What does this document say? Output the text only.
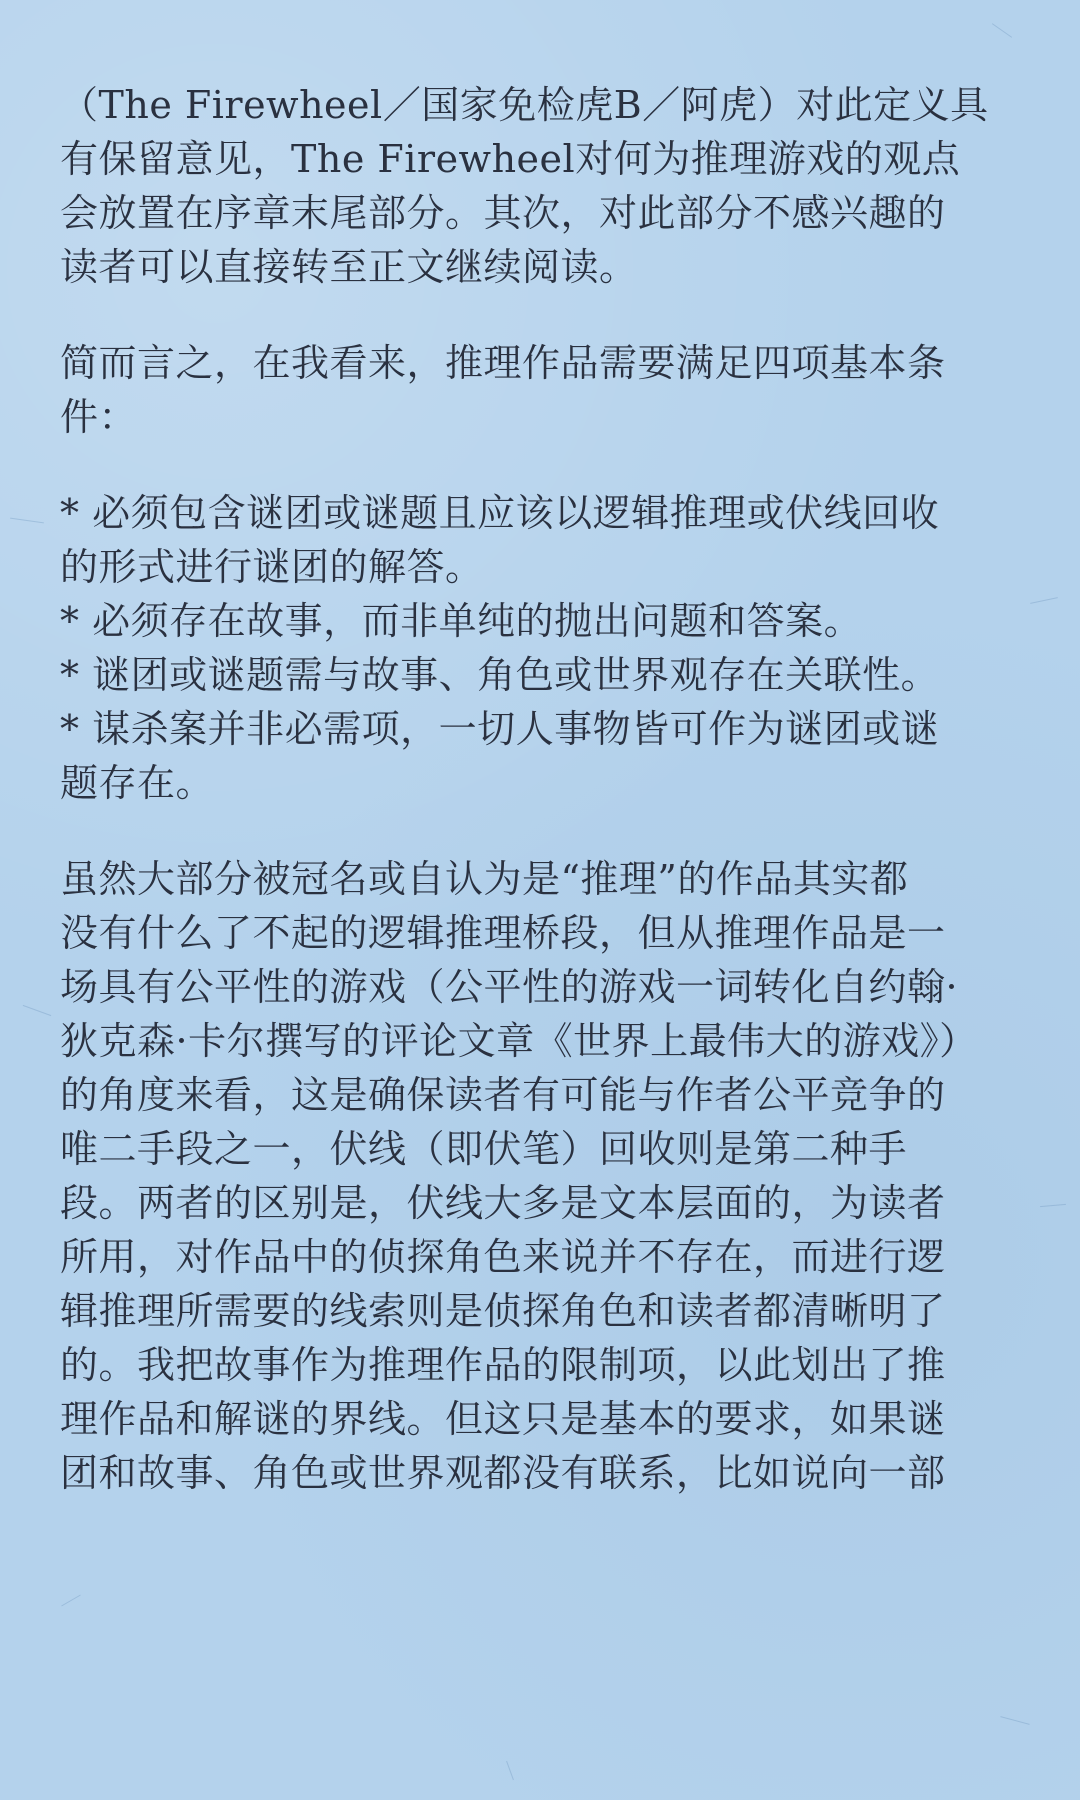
（The Firewheel／国家免检虎B／阿虎）对此定义具
有保留意见，The Firewheel对何为推理游戏的观点
会放置在序章末尾部分。其次，对此部分不感兴趣的
读者可以直接转至正文继续阅读。

简而言之，在我看来，推理作品需要满足四项基本条
件：

* 必须包含谜团或谜题且应该以逻辑推理或伏线回收
的形式进行谜团的解答。
* 必须存在故事，而非单纯的抛出问题和答案。
* 谜团或谜题需与故事、角色或世界观存在关联性。
* 谋杀案并非必需项，一切人事物皆可作为谜团或谜
题存在。

虽然大部分被冠名或自认为是“推理”的作品其实都
没有什么了不起的逻辑推理桥段，但从推理作品是一
场具有公平性的游戏（公平性的游戏一词转化自约翰·
狄克森·卡尔撰写的评论文章《世界上最伟大的游戏》）
的角度来看，这是确保读者有可能与作者公平竞争的
唯二手段之一，伏线（即伏笔）回收则是第二种手
段。两者的区别是，伏线大多是文本层面的，为读者
所用，对作品中的侦探角色来说并不存在，而进行逻
辑推理所需要的线索则是侦探角色和读者都清晰明了
的。我把故事作为推理作品的限制项，以此划出了推
理作品和解谜的界线。但这只是基本的要求，如果谜
团和故事、角色或世界观都没有联系，比如说向一部
